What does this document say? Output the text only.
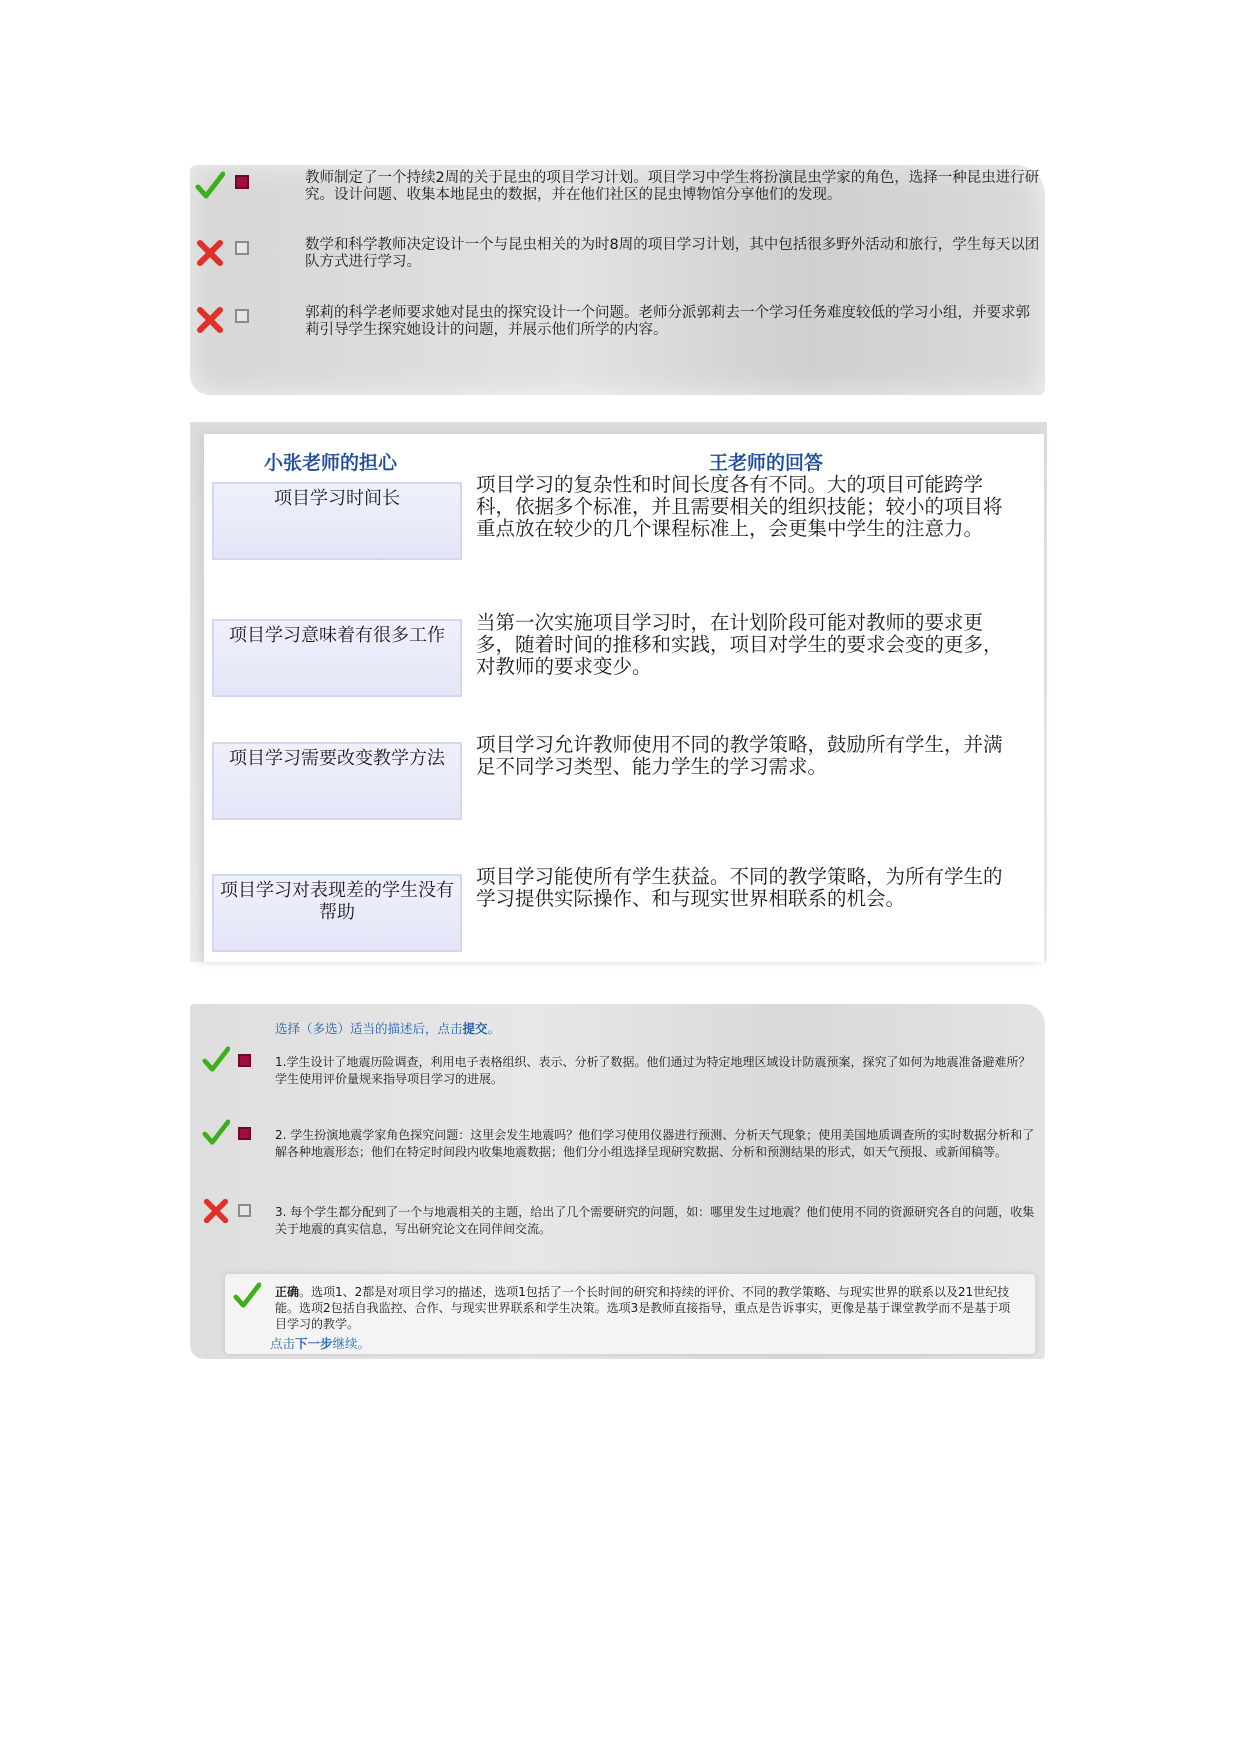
教师制定了一个持续2周的关于昆虫的项目学习计划。项目学习中学生将扮演昆虫学家的角色，选择一种昆虫进行研究。设计问题、收集本地昆虫的数据，并在他们社区的昆虫博物馆分享他们的发现。
数学和科学教师决定设计一个与昆虫相关的为时8周的项目学习计划，其中包括很多野外活动和旅行，学生每天以团队方式进行学习。
郭莉的科学老师要求她对昆虫的探究设计一个问题。老师分派郭莉去一个学习任务难度较低的学习小组，并要求郭莉引导学生探究她设计的问题，并展示他们所学的内容。
小张老师的担心	王老师的回答
项目学习时间长
项目学习的复杂性和时间长度各有不同。大的项目可能跨学科，依据多个标准，并且需要相关的组织技能；较小的项目将重点放在较少的几个课程标准上，会更集中学生的注意力。
项目学习意味着有很多工作
当第一次实施项目学习时，在计划阶段可能对教师的要求更多，随着时间的推移和实践，项目对学生的要求会变的更多，对教师的要求变少。
项目学习需要改变教学方法
项目学习允许教师使用不同的教学策略，鼓励所有学生，并满足不同学习类型、能力学生的学习需求。
项目学习对表现差的学生没有帮助
项目学习能使所有学生获益。不同的教学策略，为所有学生的学习提供实际操作、和与现实世界相联系的机会。
选择（多选）适当的描述后，点击提交。
1.学生设计了地震历险调查，利用电子表格组织、表示、分析了数据。他们通过为特定地理区域设计防震预案，探究了如何为地震准备避难所？学生使用评价量规来指导项目学习的进展。
2. 学生扮演地震学家角色探究问题：这里会发生地震吗？他们学习使用仪器进行预测、分析天气现象；使用美国地质调查所的实时数据分析和了解各种地震形态；他们在特定时间段内收集地震数据；他们分小组选择呈现研究数据、分析和预测结果的形式，如天气预报、或新闻稿等。
3. 每个学生都分配到了一个与地震相关的主题，给出了几个需要研究的问题，如：哪里发生过地震？他们使用不同的资源研究各自的问题，收集关于地震的真实信息，写出研究论文在同伴间交流。
正确。选项1、2都是对项目学习的描述，选项1包括了一个长时间的研究和持续的评价、不同的教学策略、与现实世界的联系以及21世纪技能。选项2包括自我监控、合作、与现实世界联系和学生决策。选项3是教师直接指导，重点是告诉事实，更像是基于课堂教学而不是基于项目学习的教学。
点击下一步继续。
